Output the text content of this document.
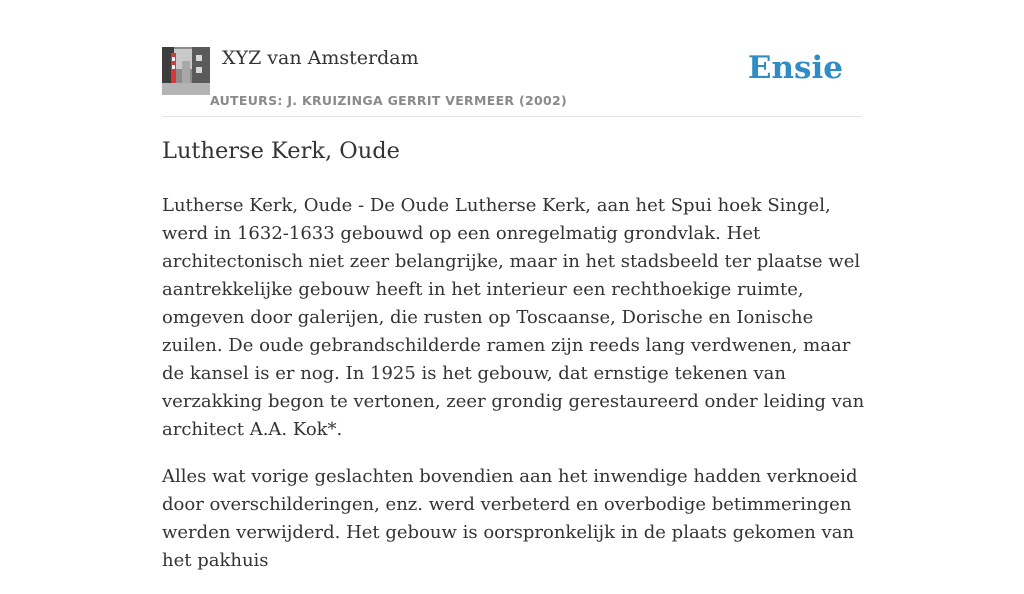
XYZ van Amsterdam
AUTEURS: J. KRUIZINGA GERRIT VERMEER (2002)
Ensie
Lutherse Kerk, Oude

Lutherse Kerk, Oude - De Oude Lutherse Kerk, aan het Spui hoek Singel, werd in 1632-1633 gebouwd op een onregelmatig grondvlak. Het architectonisch niet zeer belangrijke, maar in het stadsbeeld ter plaatse wel aantrekkelijke gebouw heeft in het interieur een rechthoekige ruimte, omgeven door galerijen, die rusten op Toscaanse, Dorische en Ionische zuilen. De oude gebrandschilderde ramen zijn reeds lang verdwenen, maar de kansel is er nog. In 1925 is het gebouw, dat ernstige tekenen van verzakking begon te vertonen, zeer grondig gerestaureerd onder leiding van architect A.A. Kok*.

Alles wat vorige geslachten bovendien aan het inwendige hadden verknoeid door overschilderingen, enz. werd verbeterd en overbodige betimmeringen werden verwijderd. Het gebouw is oorspronkelijk in de plaats gekomen van het pakhuis
